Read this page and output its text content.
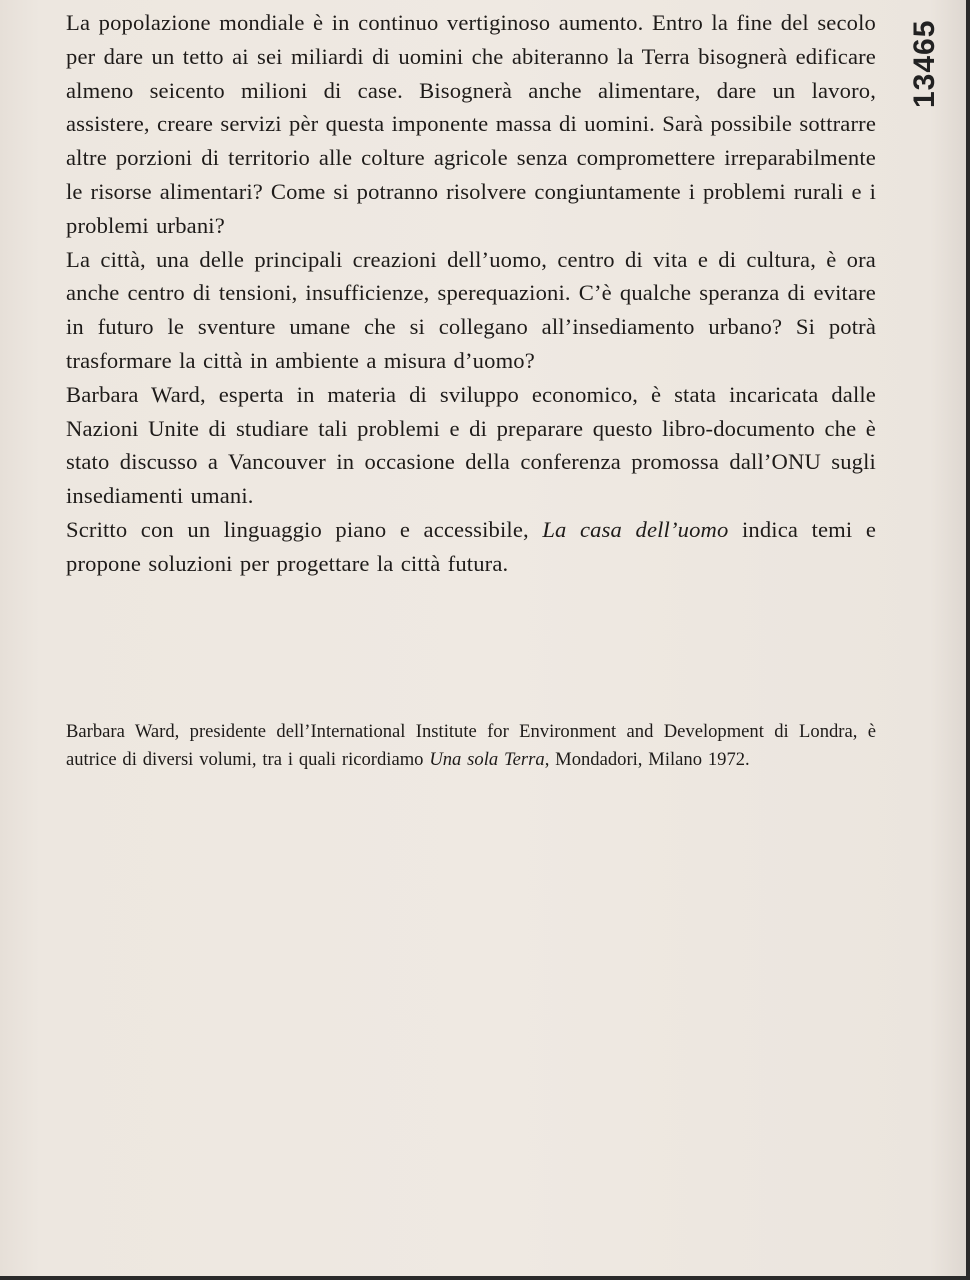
La popolazione mondiale è in continuo vertiginoso aumento. Entro la fine del secolo per dare un tetto ai sei miliardi di uomini che abiteranno la Terra bisognerà edificare almeno seicento milioni di case. Bisognerà anche alimentare, dare un lavoro, assistere, creare servizi pèr questa imponente massa di uomini. Sarà possibile sottrarre altre porzioni di territorio alle colture agricole senza compromettere irreparabilmente le risorse alimentari? Come si potranno risolvere congiuntamente i problemi rurali e i problemi urbani?

La città, una delle principali creazioni dell’uomo, centro di vita e di cultura, è ora anche centro di tensioni, insufficienze, sperequazioni. C’è qualche speranza di evitare in futuro le sventure umane che si collegano all’insediamento urbano? Si potrà trasformare la città in ambiente a misura d’uomo?

Barbara Ward, esperta in materia di sviluppo economico, è stata incaricata dalle Nazioni Unite di studiare tali problemi e di preparare questo libro-documento che è stato discusso a Vancouver in occasione della conferenza promossa dall’ONU sugli insediamenti umani.

Scritto con un linguaggio piano e accessibile, La casa dell’uomo indica temi e propone soluzioni per progettare la città futura.

Barbara Ward, presidente dell’International Institute for Environment and Development di Londra, è autrice di diversi volumi, tra i quali ricordiamo Una sola Terra, Mondadori, Milano 1972.

13465
